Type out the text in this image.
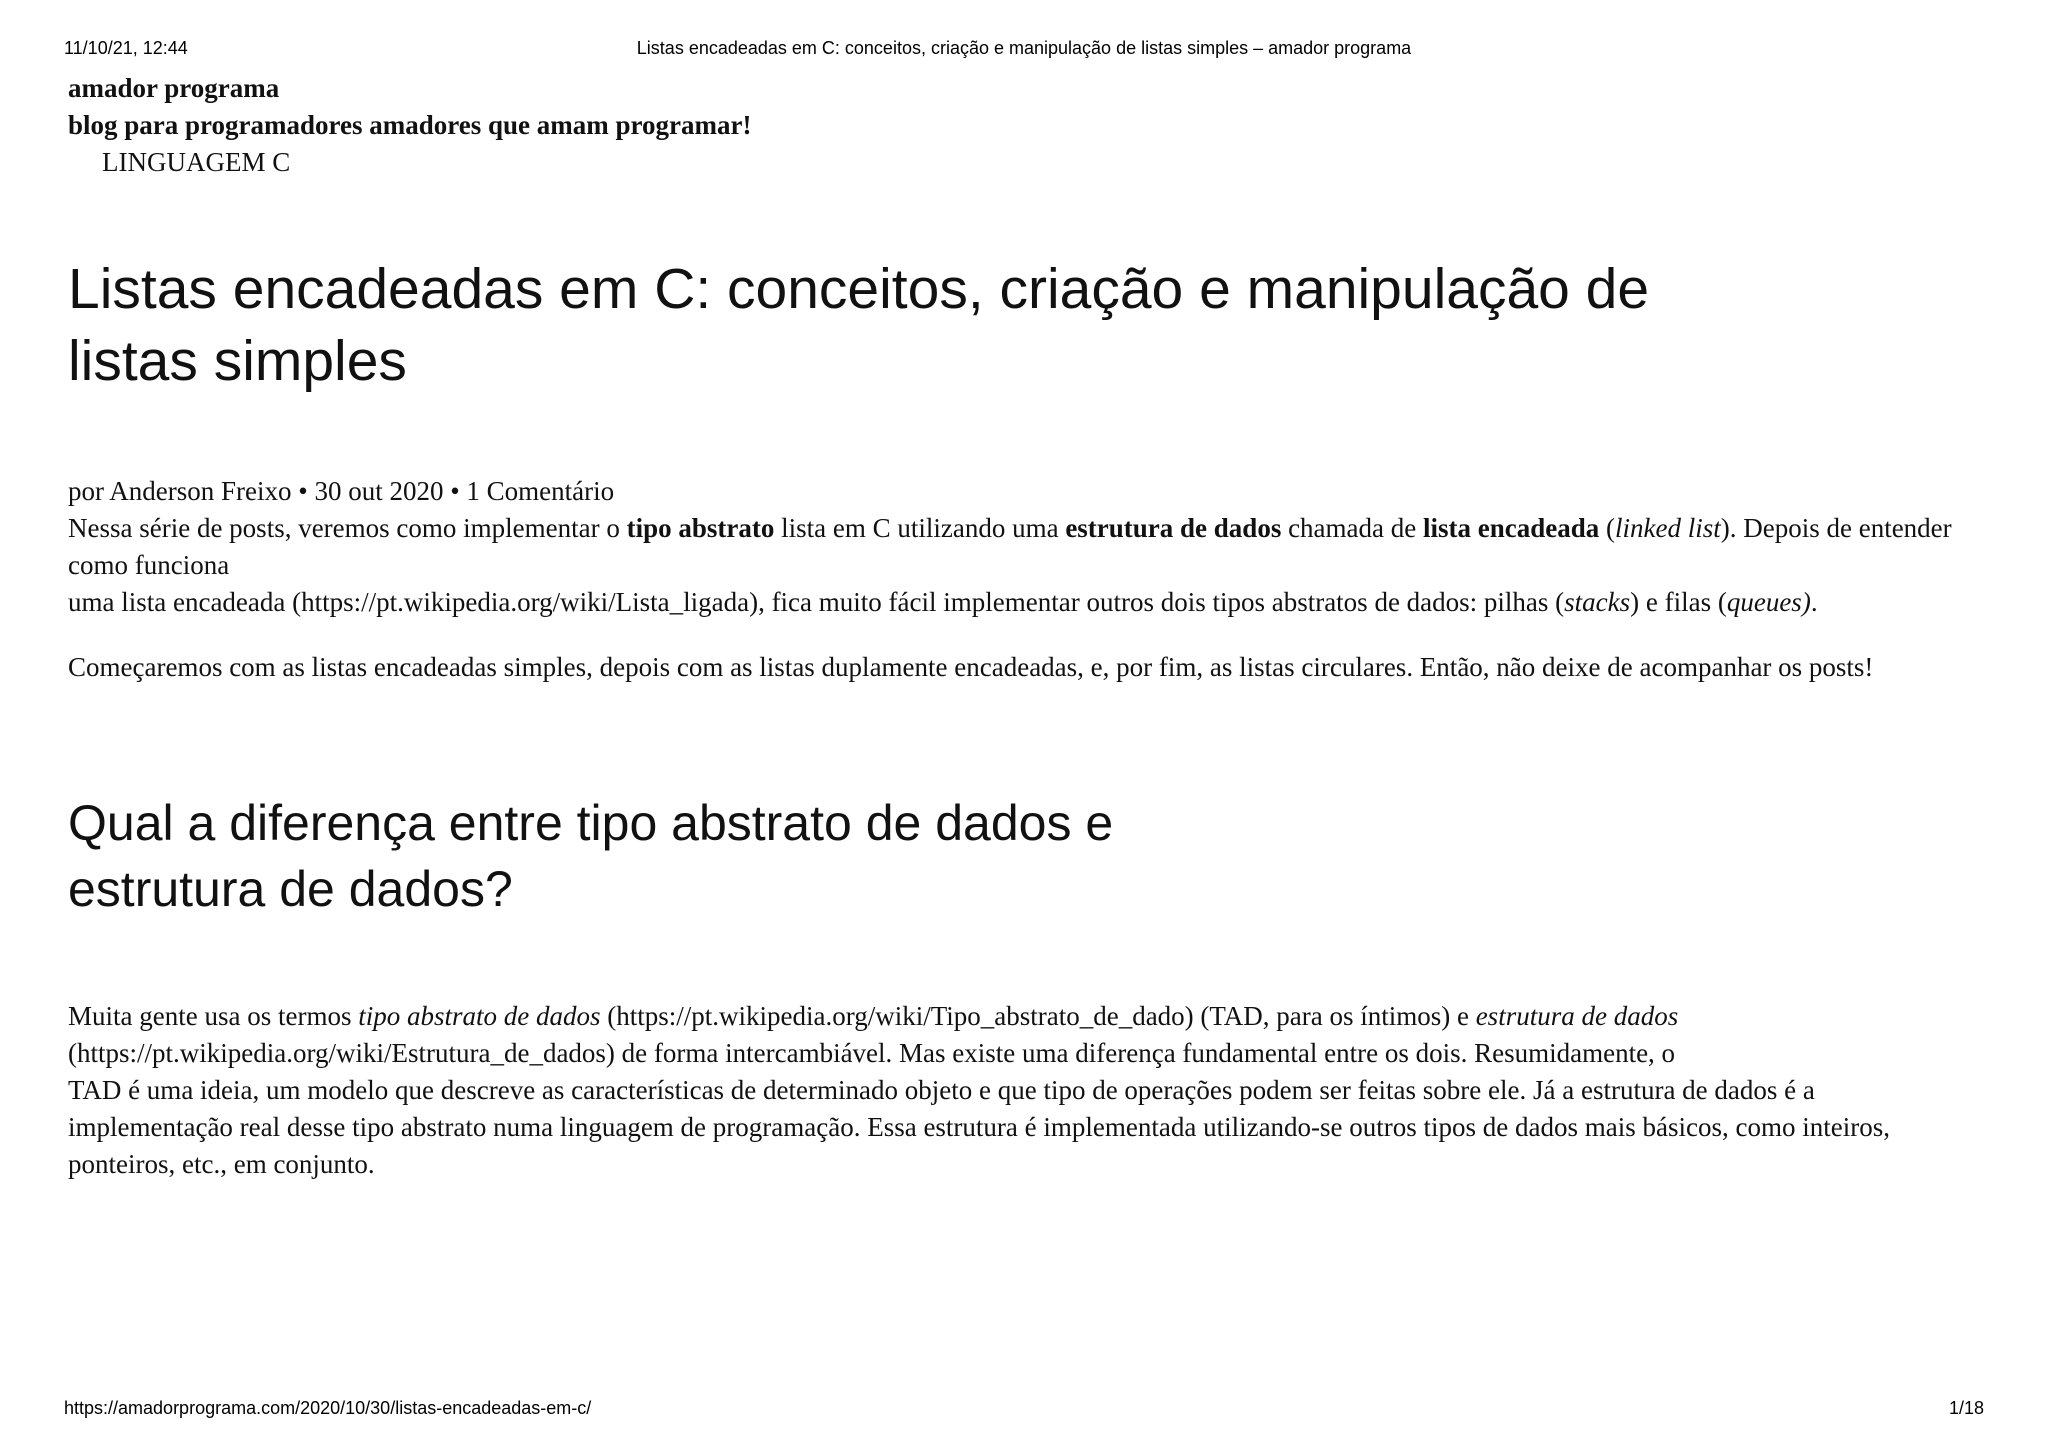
11/10/21, 12:44	Listas encadeadas em C: conceitos, criação e manipulação de listas simples – amador programa
amador programa
blog para programadores amadores que amam programar!
LINGUAGEM C
Listas encadeadas em C: conceitos, criação e manipulação de listas simples
por Anderson Freixo • 30 out 2020 • 1 Comentário

Nessa série de posts, veremos como implementar o tipo abstrato lista em C utilizando uma estrutura de dados chamada de lista encadeada (linked list). Depois de entender como funciona
uma lista encadeada (https://pt.wikipedia.org/wiki/Lista_ligada), fica muito fácil implementar outros dois tipos abstratos de dados: pilhas (stacks) e filas (queues).

Começaremos com as listas encadeadas simples, depois com as listas duplamente encadeadas, e, por fim, as listas circulares. Então, não deixe de acompanhar os posts!

Qual a diferença entre tipo abstrato de dados e estrutura de dados?

Muita gente usa os termos tipo abstrato de dados (https://pt.wikipedia.org/wiki/Tipo_abstrato_de_dado) (TAD, para os íntimos) e estrutura de dados (https://pt.wikipedia.org/wiki/Estrutura_de_dados) de forma intercambiável. Mas existe uma diferença fundamental entre os dois. Resumidamente, o
TAD é uma ideia, um modelo que descreve as características de determinado objeto e que tipo de operações podem ser feitas sobre ele. Já a estrutura de dados é a implementação real desse tipo abstrato numa linguagem de programação. Essa estrutura é implementada utilizando-se outros tipos de dados mais básicos, como inteiros, ponteiros, etc., em conjunto.

https://amadorprograma.com/2020/10/30/listas-encadeadas-em-c/	1/18
